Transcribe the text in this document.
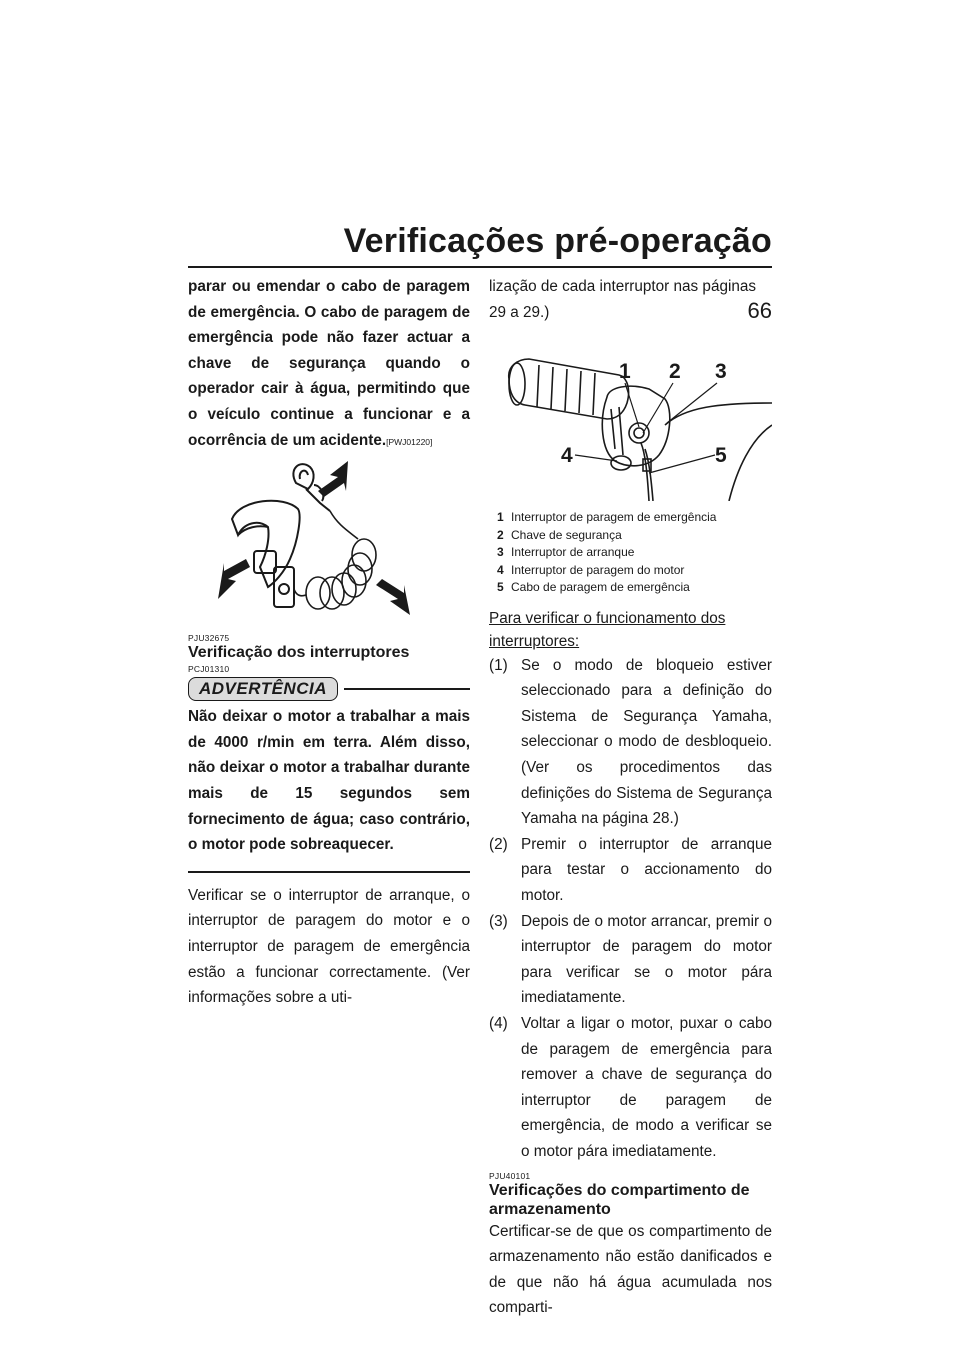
Verificações pré-operação
66

parar ou emendar o cabo de paragem de emergência. O cabo de paragem de emergência pode não fazer actuar a chave de segurança quando o operador cair à água, permitindo que o veículo continue a funcionar e a ocorrência de um acidente.[PWJ01220]

PJU32675
Verificação dos interruptores
PCJ01310
ADVERTÊNCIA

Não deixar o motor a trabalhar a mais de 4000 r/min em terra. Além disso, não deixar o motor a trabalhar durante mais de 15 segundos sem fornecimento de água; caso contrário, o motor pode sobreaquecer.

Verificar se o interruptor de arranque, o interruptor de paragem do motor e o interruptor de paragem de emergência estão a funcionar correctamente. (Ver informações sobre a uti-

lização de cada interruptor nas páginas 29 a 29.)

1 2 3
4	5
1 Interruptor de paragem de emergência
2 Chave de segurança
3 Interruptor de arranque
4 Interruptor de paragem do motor
5 Cabo de paragem de emergência

Para verificar o funcionamento dos interruptores:

(1) Se o modo de bloqueio estiver seleccionado para a definição do Sistema de Segurança Yamaha, seleccionar o modo de desbloqueio. (Ver os procedimentos das definições do Sistema de Segurança Yamaha na página 28.)
(2) Premir o interruptor de arranque para testar o accionamento do motor.
(3) Depois de o motor arrancar, premir o interruptor de paragem do motor para verificar se o motor pára imediatamente.
(4) Voltar a ligar o motor, puxar o cabo de paragem de emergência para remover a chave de segurança do interruptor de paragem de emergência, de modo a verificar se o motor pára imediatamente.
PJU40101
Verificações do compartimento de armazenamento

Certificar-se de que os compartimento de armazenamento não estão danificados e de que não há água acumulada nos comparti-
